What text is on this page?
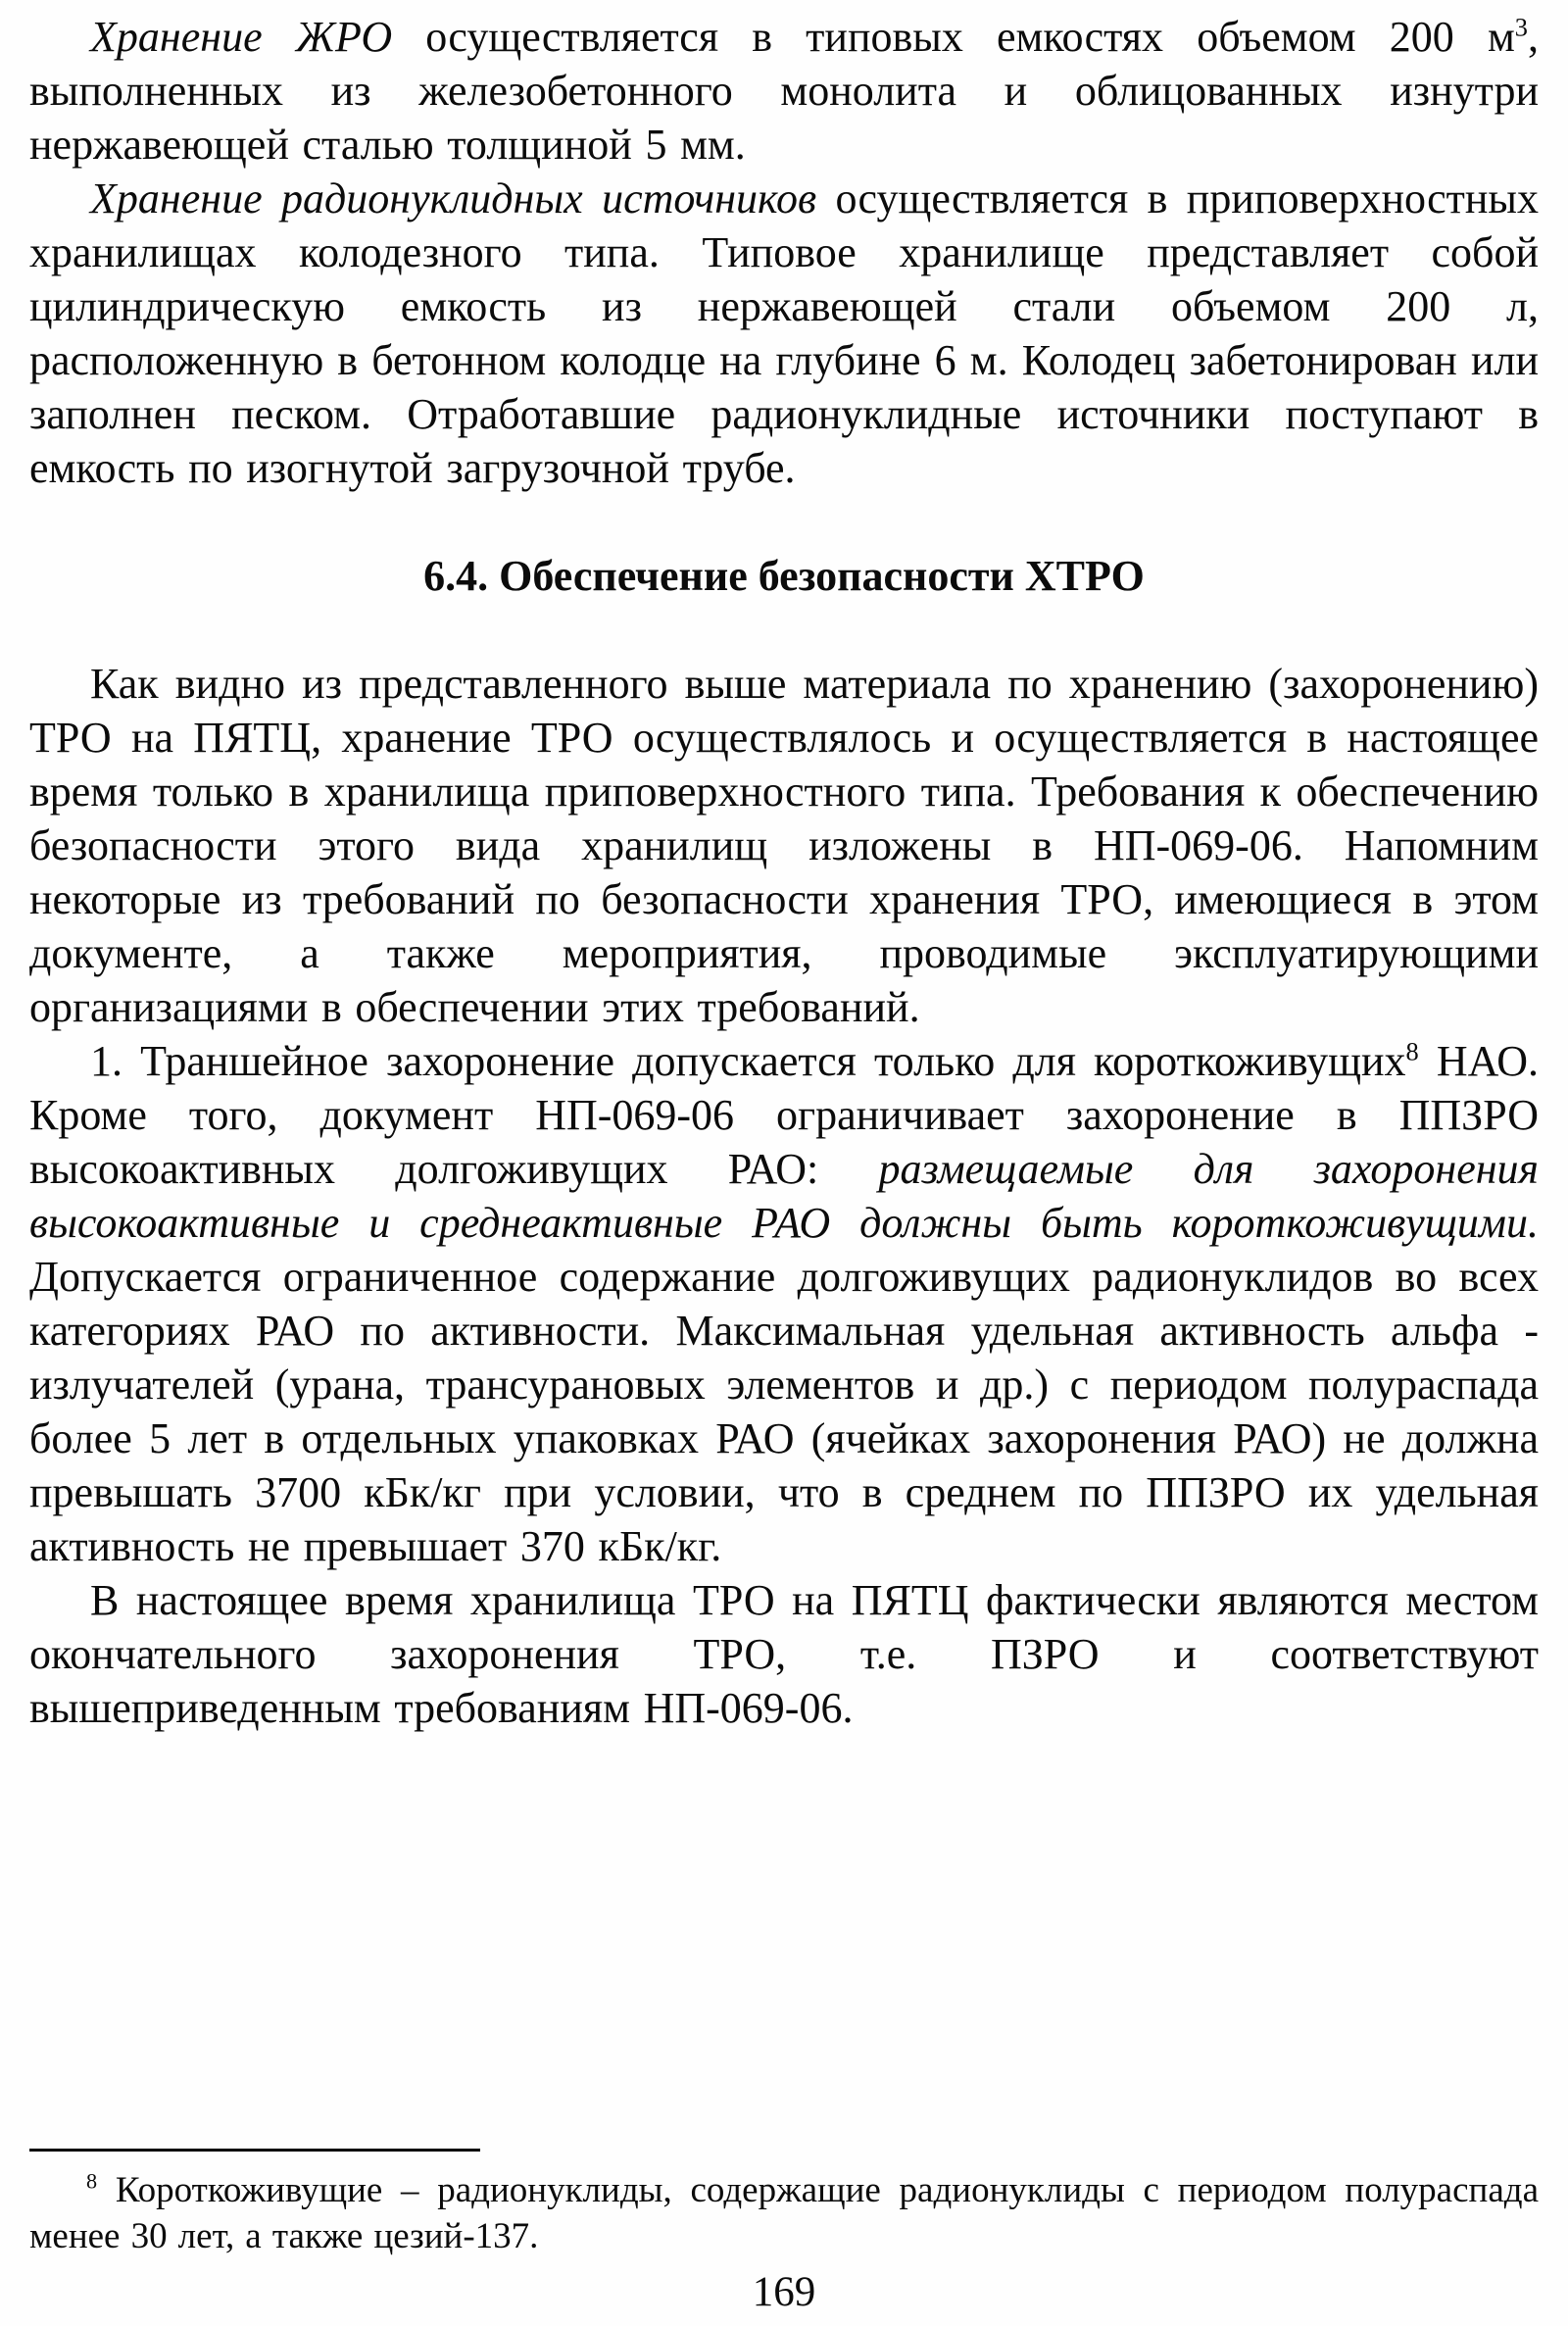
Хранение ЖРО осуществляется в типовых емкостях объемом 200 $м^3$, выполненных из железобетонного монолита и облицованных изнутри нержавеющей сталью толщиной 5 мм.

Хранение радионуклидных источников осуществляется в приповерхностных хранилищах колодезного типа. Типовое хранилище представляет собой цилиндрическую емкость из нержавеющей стали объемом 200 л, расположенную в бетонном колодце на глубине 6 м. Колодец забетонирован или заполнен песком. Отработавшие радионуклидные источники поступают в емкость по изогнутой загрузочной трубе.

6.4. Обеспечение безопасности ХТРО

Как видно из представленного выше материала по хранению (захоронению) ТРО на ПЯТЦ, хранение ТРО осуществлялось и осуществляется в настоящее время только в хранилища приповерхностного типа. Требования к обеспечению безопасности этого вида хранилищ изложены в НП-069-06. Напомним некоторые из требований по безопасности хранения ТРО, имеющиеся в этом документе, а также мероприятия, проводимые эксплуатирующими организациями в обеспечении этих требований.

1. Траншейное захоронение допускается только для короткоживущих$^8$ НАО. Кроме того, документ НП-069-06 ограничивает захоронение в ППЗРО высокоактивных долгоживущих РАО: размещаемые для захоронения высокоактивные и среднеактивные РАО должны быть короткоживущими. Допускается ограниченное содержание долгоживущих радионуклидов во всех категориях РАО по активности. Максимальная удельная активность альфа - излучателей (урана, трансурановых элементов и др.) с периодом полураспада более 5 лет в отдельных упаковках РАО (ячейках захоронения РАО) не должна превышать 3700 кБк/кг при условии, что в среднем по ППЗРО их удельная активность не превышает 370 кБк/кг.

В настоящее время хранилища ТРО на ПЯТЦ фактически являются местом окончательного захоронения ТРО, т.е. ПЗРО и соответствуют вышеприведенным требованиям НП-069-06.

$^8$ Короткоживущие – радионуклиды, содержащие радионуклиды с периодом полураспада менее 30 лет, а также цезий-137.

169
